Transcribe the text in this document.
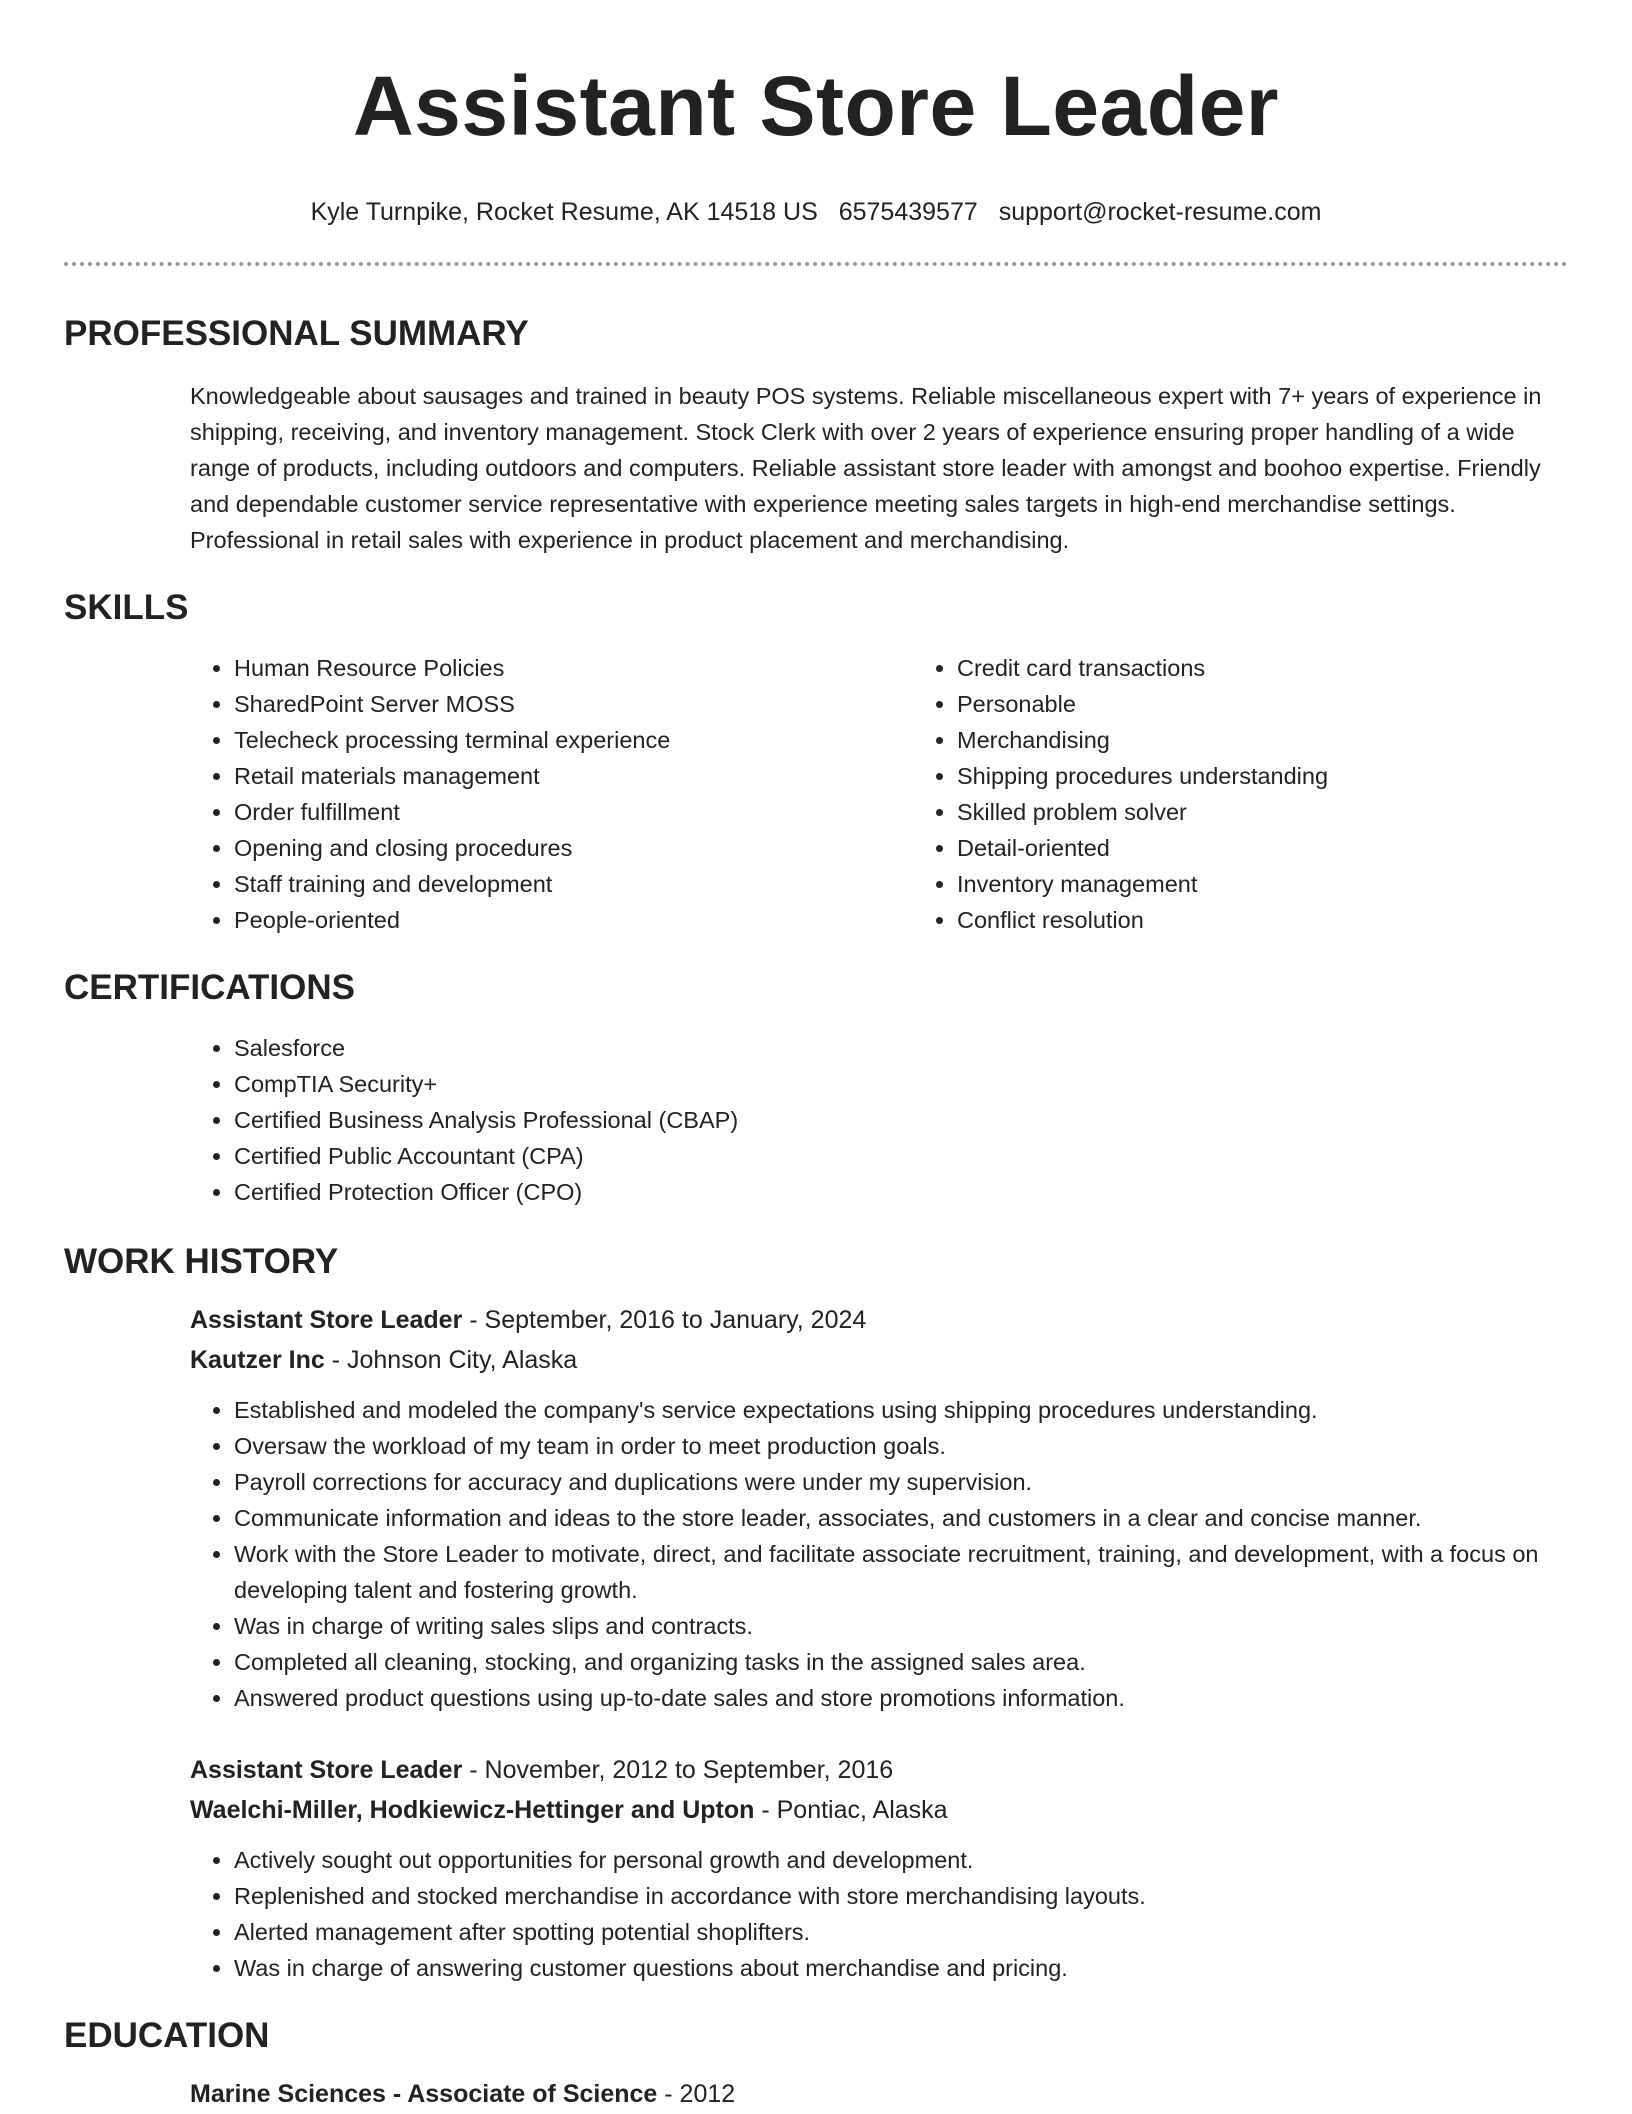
Assistant Store Leader
Kyle Turnpike, Rocket Resume, AK 14518 US 6575439577 support@rocket-resume.com
PROFESSIONAL SUMMARY

Knowledgeable about sausages and trained in beauty POS systems. Reliable miscellaneous expert with 7+ years of experience in shipping, receiving, and inventory management. Stock Clerk with over 2 years of experience ensuring proper handling of a wide range of products, including outdoors and computers. Reliable assistant store leader with amongst and boohoo expertise. Friendly and dependable customer service representative with experience meeting sales targets in high-end merchandise settings. Professional in retail sales with experience in product placement and merchandising.

SKILLS
• Human Resource Policies
• SharedPoint Server MOSS
• Telecheck processing terminal experience
• Retail materials management
• Order fulfillment
• Opening and closing procedures
• Staff training and development
• People-oriented
• Credit card transactions
• Personable
• Merchandising
• Shipping procedures understanding
• Skilled problem solver
• Detail-oriented
• Inventory management
• Conflict resolution
CERTIFICATIONS
• Salesforce
• CompTIA Security+
• Certified Business Analysis Professional (CBAP)
• Certified Public Accountant (CPA)
• Certified Protection Officer (CPO)
WORK HISTORY
Assistant Store Leader - September, 2016 to January, 2024
Kautzer Inc - Johnson City, Alaska
• Established and modeled the company's service expectations using shipping procedures understanding.
• Oversaw the workload of my team in order to meet production goals.
• Payroll corrections for accuracy and duplications were under my supervision.
• Communicate information and ideas to the store leader, associates, and customers in a clear and concise manner.
• Work with the Store Leader to motivate, direct, and facilitate associate recruitment, training, and development, with a focus on developing talent and fostering growth.
• Was in charge of writing sales slips and contracts.
• Completed all cleaning, stocking, and organizing tasks in the assigned sales area.
• Answered product questions using up-to-date sales and store promotions information.
Assistant Store Leader - November, 2012 to September, 2016
Waelchi-Miller, Hodkiewicz-Hettinger and Upton - Pontiac, Alaska
• Actively sought out opportunities for personal growth and development.
• Replenished and stocked merchandise in accordance with store merchandising layouts.
• Alerted management after spotting potential shoplifters.
• Was in charge of answering customer questions about merchandise and pricing.
EDUCATION
Marine Sciences - Associate of Science - 2012
